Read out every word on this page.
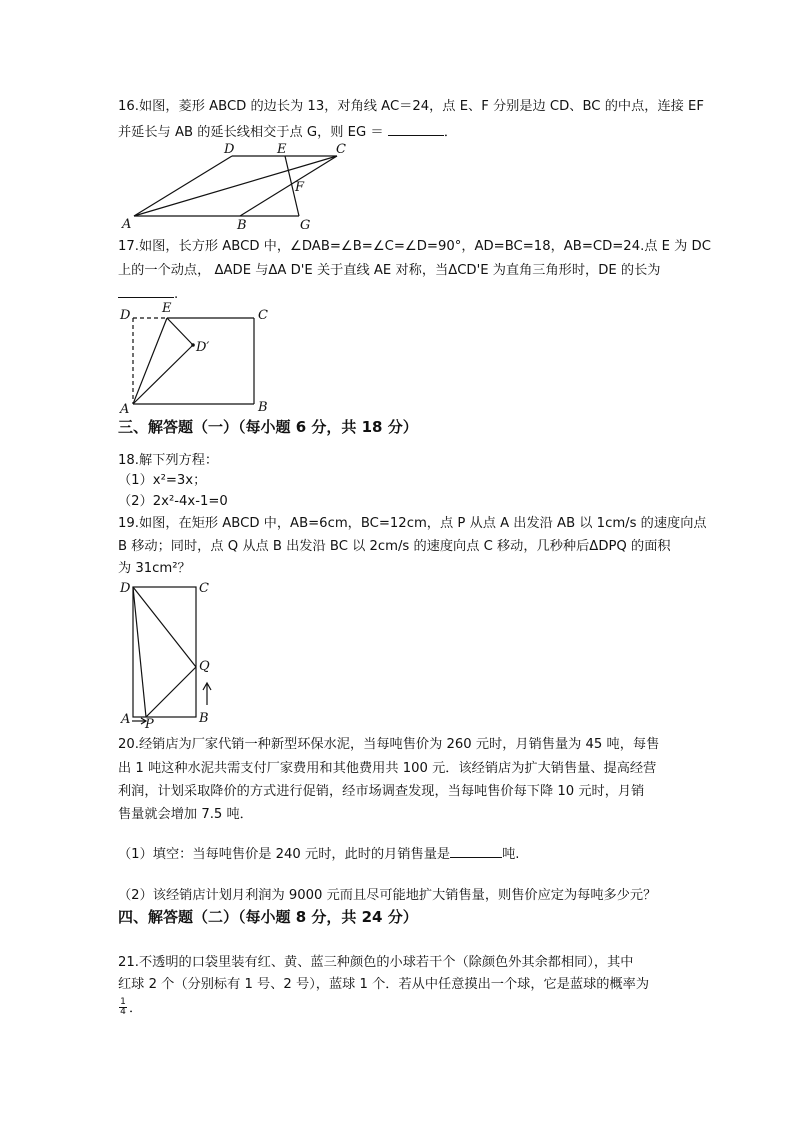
16.如图，菱形 ABCD 的边长为 13，对角线 AC＝24，点 E、F 分别是边 CD、BC 的中点，连接 EF
并延长与 AB 的延长线相交于点 G，则 EG ＝	．
D	E	C
F
A	B	G
17.如图，长方形 ABCD 中，∠DAB=∠B=∠C=∠D=90°，AD=BC=18，AB=CD=24.点 E 为 DC
上的一个动点， ΔADE 与ΔA D'E 关于直线 AE 对称，当ΔCD'E 为直角三角形时，DE 的长为
.
D E	C
D′
A	B
三、解答题（一）（每小题 6 分，共 18 分）
18.解下列方程：
（1）x²=3x；
（2）2x²-4x-1=0
19.如图，在矩形 ABCD 中，AB=6cm，BC=12cm，点 P 从点 A 出发沿 AB 以 1cm/s 的速度向点
B 移动；同时，点 Q 从点 B 出发沿 BC 以 2cm/s 的速度向点 C 移动，几秒种后ΔDPQ 的面积
为 31cm²？
D	C
Q
A P	B
20.经销店为厂家代销一种新型环保水泥，当每吨售价为 260 元时，月销售量为 45 吨，每售
出 1 吨这种水泥共需支付厂家费用和其他费用共 100 元．该经销店为扩大销售量、提高经营
利润，计划采取降价的方式进行促销，经市场调查发现，当每吨售价每下降 10 元时，月销
售量就会增加 7.5 吨．
（1）填空：当每吨售价是 240 元时，此时的月销售量是	吨.
（2）该经销店计划月利润为 9000 元而且尽可能地扩大销售量，则售价应定为每吨多少元？
四、解答题（二）（每小题 8 分，共 24 分）
21.不透明的口袋里装有红、黄、蓝三种颜色的小球若干个（除颜色外其余都相同），其中
红球 2 个（分别标有 1 号、2 号），蓝球 1 个．若从中任意摸出一个球，它是蓝球的概率为
$\frac{1}{4}$ ．
